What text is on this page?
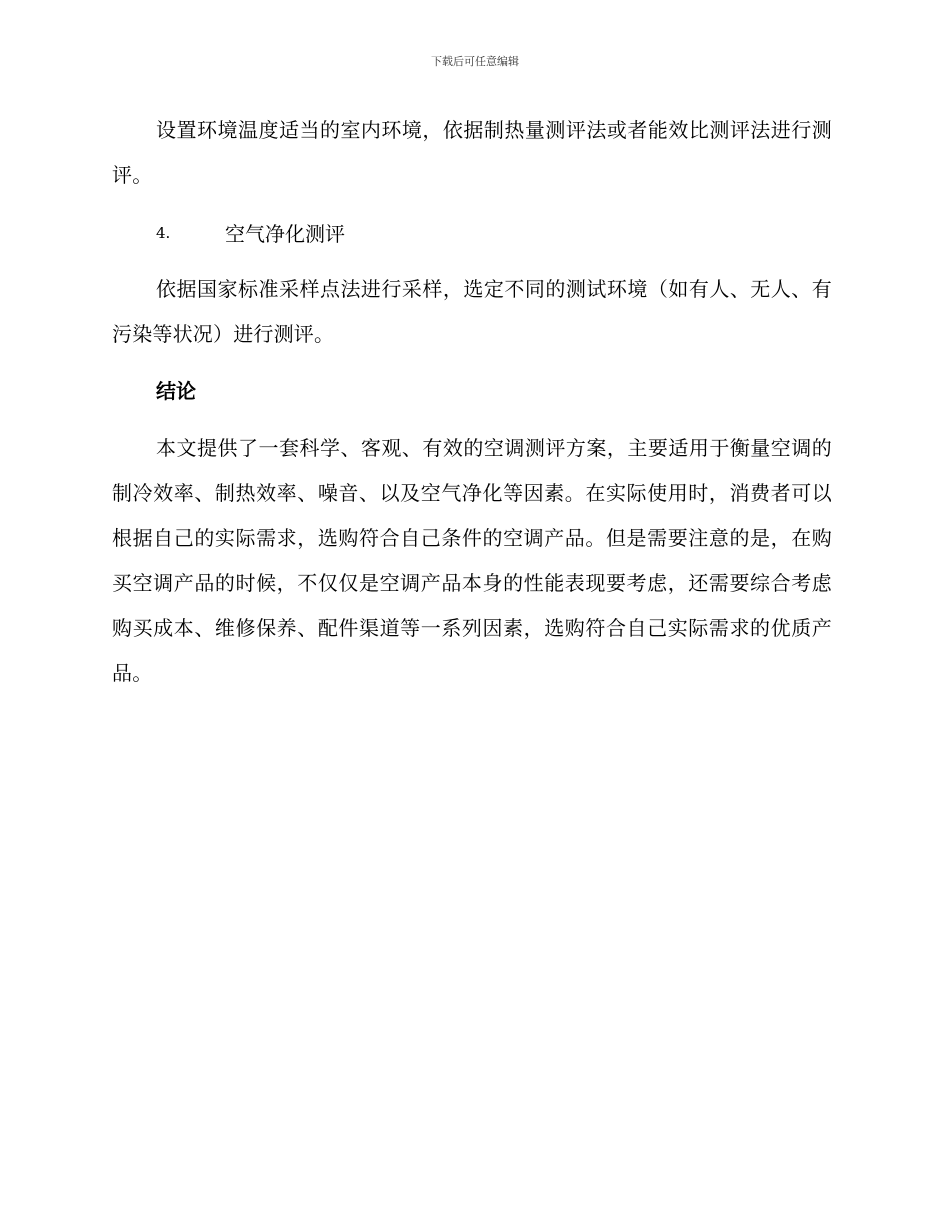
下载后可任意编辑

设置环境温度适当的室内环境，依据制热量测评法或者能效比测评法进行测评。

4.	空气净化测评

依据国家标准采样点法进行采样，选定不同的测试环境（如有人、无人、有污染等状况）进行测评。

结论

本文提供了一套科学、客观、有效的空调测评方案，主要适用于衡量空调的制冷效率、制热效率、噪音、以及空气净化等因素。在实际使用时，消费者可以根据自己的实际需求，选购符合自己条件的空调产品。但是需要注意的是，在购买空调产品的时候，不仅仅是空调产品本身的性能表现要考虑，还需要综合考虑购买成本、维修保养、配件渠道等一系列因素，选购符合自己实际需求的优质产品。
